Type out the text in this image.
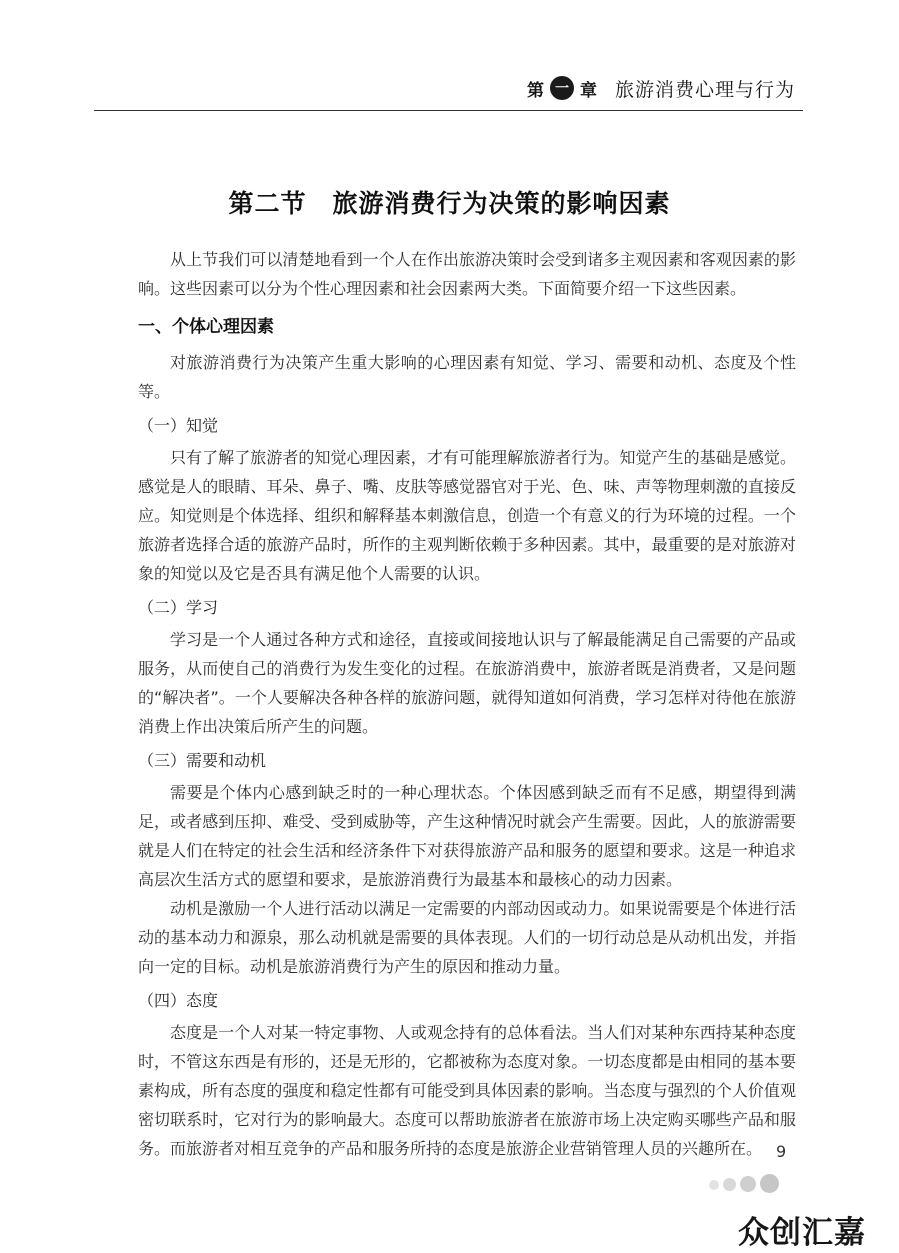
第 一 章 旅游消费心理与行为
第二节　旅游消费行为决策的影响因素

从上节我们可以清楚地看到一个人在作出旅游决策时会受到诸多主观因素和客观因素的影响。这些因素可以分为个性心理因素和社会因素两大类。下面简要介绍一下这些因素。

一、个体心理因素

对旅游消费行为决策产生重大影响的心理因素有知觉、学习、需要和动机、态度及个性等。

（一）知觉

只有了解了旅游者的知觉心理因素，才有可能理解旅游者行为。知觉产生的基础是感觉。感觉是人的眼睛、耳朵、鼻子、嘴、皮肤等感觉器官对于光、色、味、声等物理刺激的直接反应。知觉则是个体选择、组织和解释基本刺激信息，创造一个有意义的行为环境的过程。一个旅游者选择合适的旅游产品时，所作的主观判断依赖于多种因素。其中，最重要的是对旅游对象的知觉以及它是否具有满足他个人需要的认识。

（二）学习

学习是一个人通过各种方式和途径，直接或间接地认识与了解最能满足自己需要的产品或服务，从而使自己的消费行为发生变化的过程。在旅游消费中，旅游者既是消费者，又是问题的“解决者”。一个人要解决各种各样的旅游问题，就得知道如何消费，学习怎样对待他在旅游消费上作出决策后所产生的问题。

（三）需要和动机

需要是个体内心感到缺乏时的一种心理状态。个体因感到缺乏而有不足感，期望得到满足，或者感到压抑、难受、受到威胁等，产生这种情况时就会产生需要。因此，人的旅游需要就是人们在特定的社会生活和经济条件下对获得旅游产品和服务的愿望和要求。这是一种追求高层次生活方式的愿望和要求，是旅游消费行为最基本和最核心的动力因素。

动机是激励一个人进行活动以满足一定需要的内部动因或动力。如果说需要是个体进行活动的基本动力和源泉，那么动机就是需要的具体表现。人们的一切行动总是从动机出发，并指向一定的目标。动机是旅游消费行为产生的原因和推动力量。

（四）态度

态度是一个人对某一特定事物、人或观念持有的总体看法。当人们对某种东西持某种态度时，不管这东西是有形的，还是无形的，它都被称为态度对象。一切态度都是由相同的基本要素构成，所有态度的强度和稳定性都有可能受到具体因素的影响。当态度与强烈的个人价值观密切联系时，它对行为的影响最大。态度可以帮助旅游者在旅游市场上决定购买哪些产品和服务。而旅游者对相互竞争的产品和服务所持的态度是旅游企业营销管理人员的兴趣所在。 9
众创汇嘉
